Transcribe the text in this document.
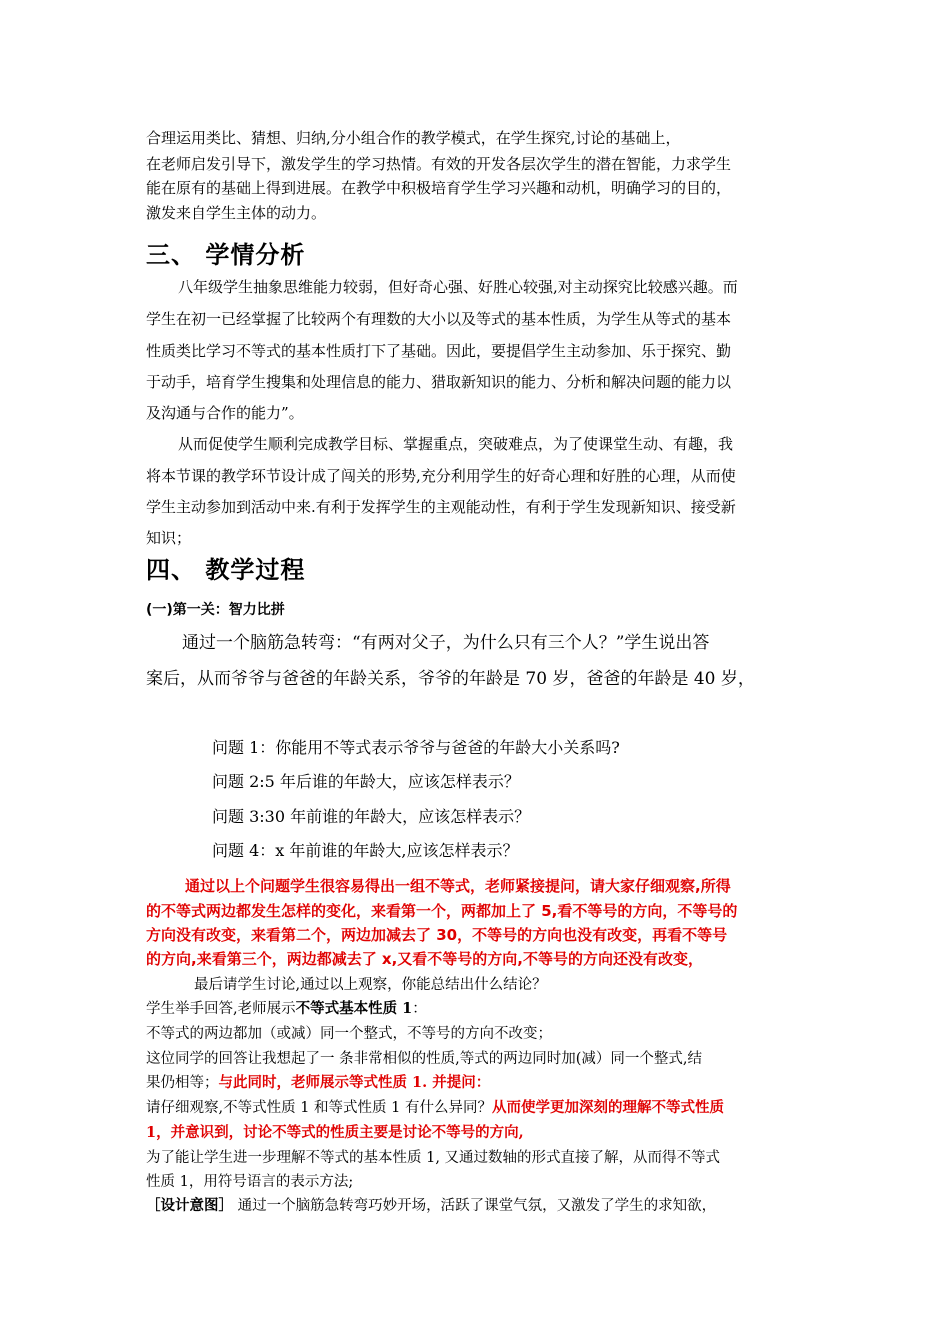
合理运用类比、猜想、归纳,分小组合作的教学模式，在学生探究,讨论的基础上，
在老师启发引导下，激发学生的学习热情。有效的开发各层次学生的潜在智能，力求学生
能在原有的基础上得到进展。在教学中积极培育学生学习兴趣和动机，明确学习的目的，
激发来自学生主体的动力。
三、 学情分析
八年级学生抽象思维能力较弱，但好奇心强、好胜心较强,对主动探究比较感兴趣。而
学生在初一已经掌握了比较两个有理数的大小以及等式的基本性质，为学生从等式的基本
性质类比学习不等式的基本性质打下了基础。因此，要提倡学生主动参加、乐于探究、勤
于动手，培育学生搜集和处理信息的能力、猎取新知识的能力、分析和解决问题的能力以
及沟通与合作的能力”。
从而促使学生顺利完成教学目标、掌握重点，突破难点，为了使课堂生动、有趣，我
将本节课的教学环节设计成了闯关的形势,充分利用学生的好奇心理和好胜的心理，从而使
学生主动参加到活动中来.有利于发挥学生的主观能动性，有利于学生发现新知识、接受新
知识；
四、 教学过程
(一)第一关：智力比拼
通过一个脑筋急转弯：“有两对父子，为什么只有三个人？”学生说出答
案后，从而爷爷与爸爸的年龄关系，爷爷的年龄是 70 岁，爸爸的年龄是 40 岁，
问题 1：你能用不等式表示爷爷与爸爸的年龄大小关系吗?
问题 2:5 年后谁的年龄大，应该怎样表示？
问题 3:30 年前谁的年龄大，应该怎样表示？
问题 4：x 年前谁的年龄大,应该怎样表示？
通过以上个问题学生很容易得出一组不等式，老师紧接提问，请大家仔细观察,所得
的不等式两边都发生怎样的变化，来看第一个，两都加上了 5,看不等号的方向，不等号的
方向没有改变，来看第二个，两边加减去了 30，不等号的方向也没有改变，再看不等号
的方向,来看第三个，两边都减去了 x,又看不等号的方向,不等号的方向还没有改变，
最后请学生讨论,通过以上观察，你能总结出什么结论？
学生举手回答,老师展示不等式基本性质 1：
不等式的两边都加（或减）同一个整式，不等号的方向不改变；
这位同学的回答让我想起了一 条非常相似的性质,等式的两边同时加(减）同一个整式,结
果仍相等；与此同时，老师展示等式性质 1. 并提问：
请仔细观察,不等式性质 1 和等式性质 1 有什么异同？从而使学更加深刻的理解不等式性质
1，并意识到，讨论不等式的性质主要是讨论不等号的方向,
为了能让学生进一步理解不等式的基本性质 1, 又通过数轴的形式直接了解，从而得不等式
性质 1，用符号语言的表示方法;
［设计意图］ 通过一个脑筋急转弯巧妙开场，活跃了课堂气氛，又激发了学生的求知欲，
